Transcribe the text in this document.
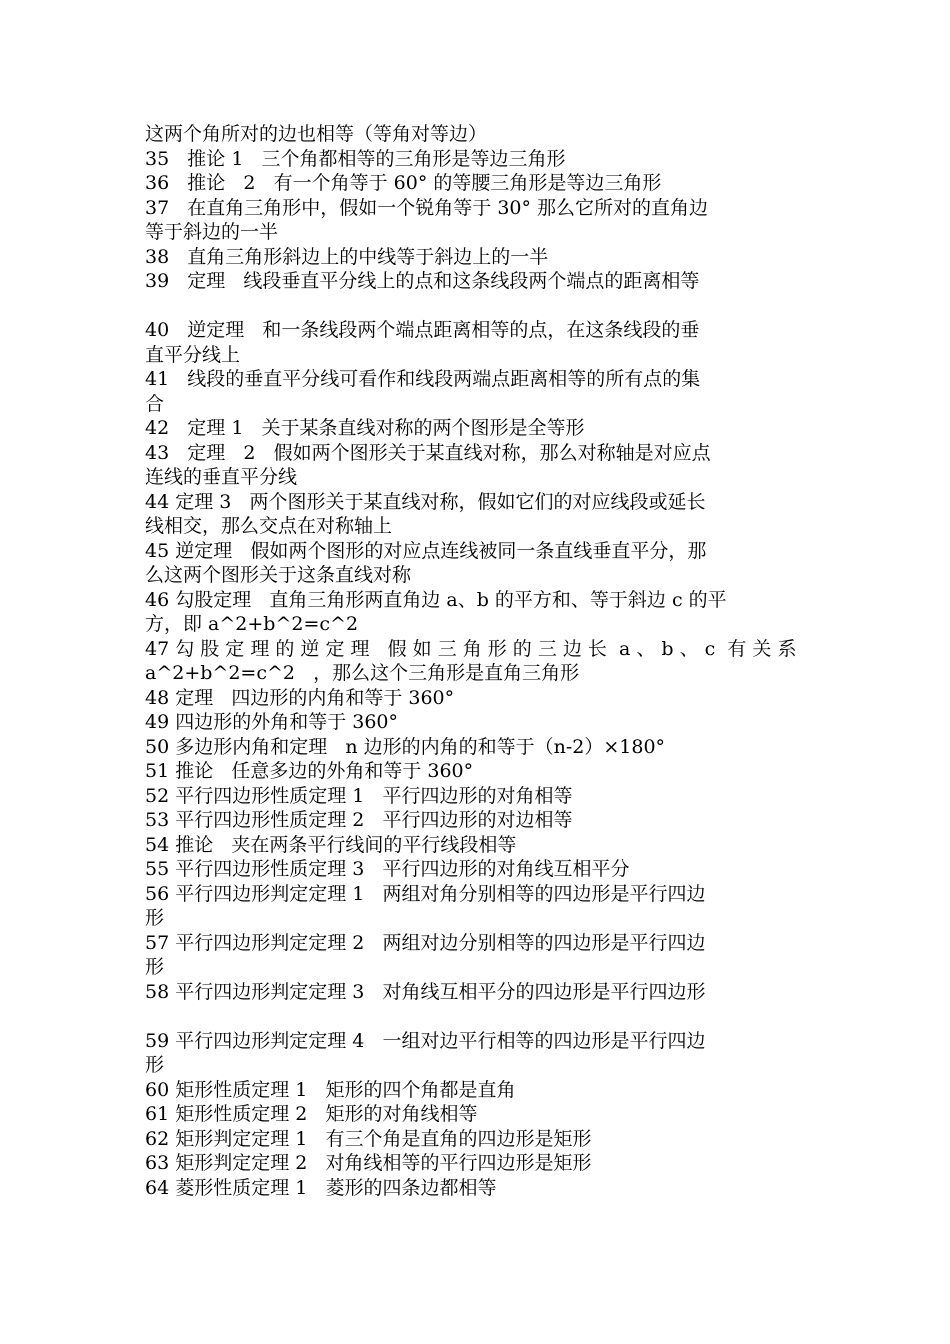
这两个角所对的边也相等（等角对等边）
35   推论 1   三个角都相等的三角形是等边三角形
36   推论   2   有一个角等于 60° 的等腰三角形是等边三角形
37   在直角三角形中，假如一个锐角等于 30° 那么它所对的直角边
等于斜边的一半
38   直角三角形斜边上的中线等于斜边上的一半
39   定理   线段垂直平分线上的点和这条线段两个端点的距离相等
40   逆定理   和一条线段两个端点距离相等的点，在这条线段的垂
直平分线上
41   线段的垂直平分线可看作和线段两端点距离相等的所有点的集
合
42   定理 1   关于某条直线对称的两个图形是全等形
43   定理   2   假如两个图形关于某直线对称，那么对称轴是对应点
连线的垂直平分线
44 定理 3   两个图形关于某直线对称，假如它们的对应线段或延长
线相交，那么交点在对称轴上
45 逆定理   假如两个图形的对应点连线被同一条直线垂直平分，那
么这两个图形关于这条直线对称
46 勾股定理   直角三角形两直角边 a、b 的平方和、等于斜边 c 的平
方，即 a^2+b^2=c^2
47 勾 股 定 理 的 逆 定 理   假 如 三 角 形 的 三 边 长  a 、 b 、 c  有 关 系
a^2+b^2=c^2   ，那么这个三角形是直角三角形
48 定理   四边形的内角和等于 360°
49 四边形的外角和等于 360°
50 多边形内角和定理   n 边形的内角的和等于（n-2）×180°
51 推论   任意多边的外角和等于 360°
52 平行四边形性质定理 1   平行四边形的对角相等
53 平行四边形性质定理 2   平行四边形的对边相等
54 推论   夹在两条平行线间的平行线段相等
55 平行四边形性质定理 3   平行四边形的对角线互相平分
56 平行四边形判定定理 1   两组对角分别相等的四边形是平行四边
形
57 平行四边形判定定理 2   两组对边分别相等的四边形是平行四边
形
58 平行四边形判定定理 3   对角线互相平分的四边形是平行四边形
59 平行四边形判定定理 4   一组对边平行相等的四边形是平行四边
形
60 矩形性质定理 1   矩形的四个角都是直角
61 矩形性质定理 2   矩形的对角线相等
62 矩形判定定理 1   有三个角是直角的四边形是矩形
63 矩形判定定理 2   对角线相等的平行四边形是矩形
64 菱形性质定理 1   菱形的四条边都相等
